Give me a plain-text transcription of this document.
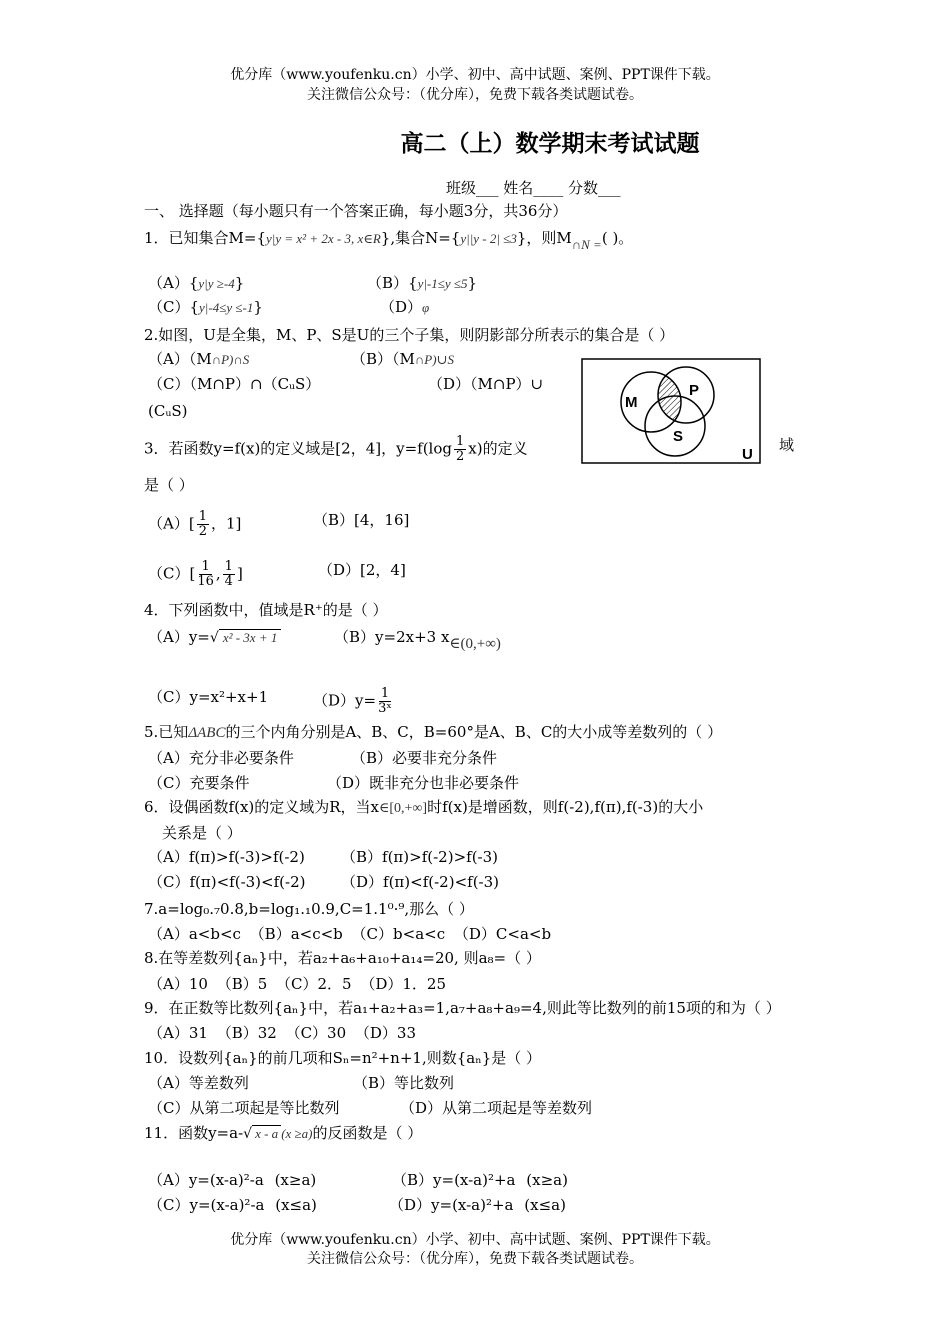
优分库（www.youfenku.cn）小学、初中、高中试题、案例、PPT课件下载。
关注微信公众号：（优分库），免费下载各类试题试卷。
高二（上）数学期末考试试题
班级___ 姓名____ 分数___
一、 选择题（每小题只有一个答案正确，每小题3分，共36分）
1．已知集合M={y|y = x² + 2x - 3, x∈R},集合N={y||y - 2| ≤3}，则M∩N =( )。
（A）{y|y ≥-4}	（B）{y|-1≤y ≤5}
（C）{y|-4≤y ≤-1}	（D）φ
2.如图，U是全集，M、P、S是U的三个子集，则阴影部分所表示的集合是（ ）
（A）（M∩P)∩S	（B）（M∩P)∪S
（C）（M∩P）∩（CᵤS）	（D）（M∩P）∪
(CᵤS)	M
P
S
U
3．若函数y=f(x)的定义域是[2，4]，$y=f(\log \frac{1}{2} x)$的定义	域
是（ ）
$(A)[ \frac{1}{2}$ ，1]	（B）[4，16]
$(C)[ \frac{1}{16}$ , $\frac{1}{4}$ ]	（D）[2，4]
4．下列函数中，值域是R⁺的是（ ）
（A）y=√ x² - 3x + 1	（B）y=2x+3 x∈(0,+∞)
（C）y=x²+x+1	$(D)y= \frac{1}{\text{3ˣ}}$
5.已知ΔABC的三个内角分别是A、B、C，B=60°是A、B、C的大小成等差数列的（ ）
（A）充分非必要条件	（B）必要非充分条件
（C）充要条件	（D）既非充分也非必要条件
6．设偶函数f(x)的定义域为R，当x∈[0,+∞]时f(x)是增函数，则f(-2),f(π),f(-3)的大小
关系是（ ）
（A）f(π)>f(-3)>f(-2) （B）f(π)>f(-2)>f(-3)
（C）f(π)<f(-3)<f(-2) （D）f(π)<f(-2)<f(-3)
7.a=log₀.₇0.8,b=log₁.₁0.9,C=1.1⁰·⁹,那么（ ）
（A）a<b<c （B）a<c<b （C）b<a<c （D）C<a<b
8.在等差数列{aₙ}中，若a₂+a₆+a₁₀+a₁₄=20, 则a₈=（ ）
（A）10 （B）5 （C）2．5 （D）1．25
9．在正数等比数列{aₙ}中，若a₁+a₂+a₃=1,a₇+a₈+a₉=4,则此等比数列的前15项的和为（ ）
（A）31 （B）32 （C）30 （D）33
10．设数列{aₙ}的前几项和Sₙ=n²+n+1,则数{aₙ}是（ ）
（A）等差数列	（B）等比数列
（C）从第二项起是等比数列	（D）从第二项起是等差数列
11．函数y=a-√ x - a (x ≥a)的反函数是（ ）
（A）y=(x-a)²-a (x≥a)	（B）y=(x-a)²+a (x≥a)
（C）y=(x-a)²-a (x≤a)	（D）y=(x-a)²+a (x≤a)
优分库（www.youfenku.cn）小学、初中、高中试题、案例、PPT课件下载。
关注微信公众号：（优分库），免费下载各类试题试卷。
